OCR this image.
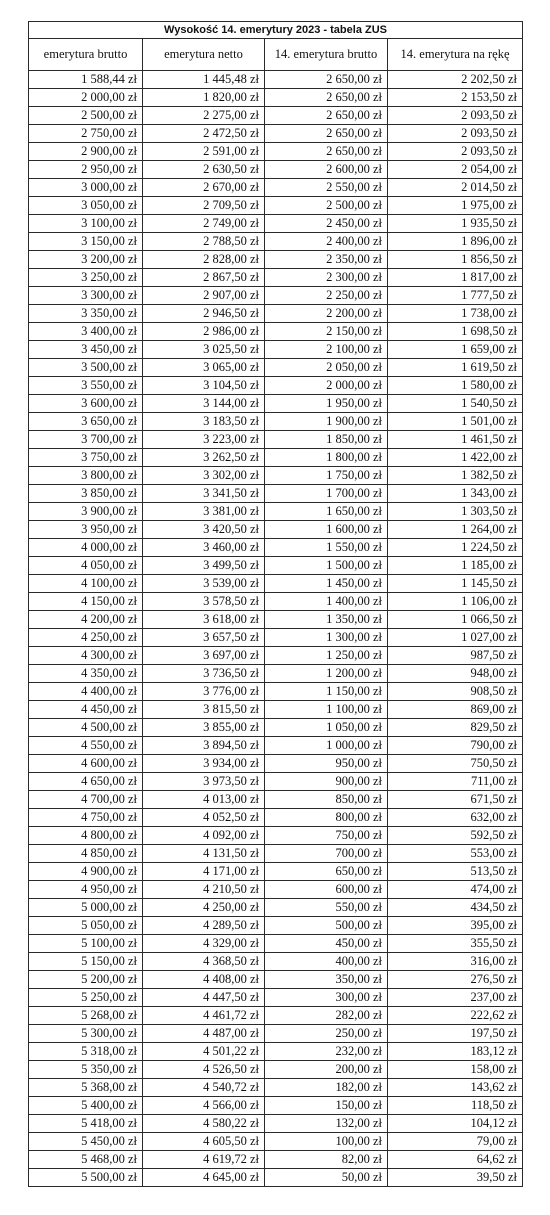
Wysokość 14. emerytury 2023 - tabela ZUS			
emerytura brutto	emerytura netto	14. emerytura brutto	14. emerytura na rękę
1 588,44 zł	1 445,48 zł	2 650,00 zł	2 202,50 zł
2 000,00 zł	1 820,00 zł	2 650,00 zł	2 153,50 zł
2 500,00 zł	2 275,00 zł	2 650,00 zł	2 093,50 zł
2 750,00 zł	2 472,50 zł	2 650,00 zł	2 093,50 zł
2 900,00 zł	2 591,00 zł	2 650,00 zł	2 093,50 zł
2 950,00 zł	2 630,50 zł	2 600,00 zł	2 054,00 zł
3 000,00 zł	2 670,00 zł	2 550,00 zł	2 014,50 zł
3 050,00 zł	2 709,50 zł	2 500,00 zł	1 975,00 zł
3 100,00 zł	2 749,00 zł	2 450,00 zł	1 935,50 zł
3 150,00 zł	2 788,50 zł	2 400,00 zł	1 896,00 zł
3 200,00 zł	2 828,00 zł	2 350,00 zł	1 856,50 zł
3 250,00 zł	2 867,50 zł	2 300,00 zł	1 817,00 zł
3 300,00 zł	2 907,00 zł	2 250,00 zł	1 777,50 zł
3 350,00 zł	2 946,50 zł	2 200,00 zł	1 738,00 zł
3 400,00 zł	2 986,00 zł	2 150,00 zł	1 698,50 zł
3 450,00 zł	3 025,50 zł	2 100,00 zł	1 659,00 zł
3 500,00 zł	3 065,00 zł	2 050,00 zł	1 619,50 zł
3 550,00 zł	3 104,50 zł	2 000,00 zł	1 580,00 zł
3 600,00 zł	3 144,00 zł	1 950,00 zł	1 540,50 zł
3 650,00 zł	3 183,50 zł	1 900,00 zł	1 501,00 zł
3 700,00 zł	3 223,00 zł	1 850,00 zł	1 461,50 zł
3 750,00 zł	3 262,50 zł	1 800,00 zł	1 422,00 zł
3 800,00 zł	3 302,00 zł	1 750,00 zł	1 382,50 zł
3 850,00 zł	3 341,50 zł	1 700,00 zł	1 343,00 zł
3 900,00 zł	3 381,00 zł	1 650,00 zł	1 303,50 zł
3 950,00 zł	3 420,50 zł	1 600,00 zł	1 264,00 zł
4 000,00 zł	3 460,00 zł	1 550,00 zł	1 224,50 zł
4 050,00 zł	3 499,50 zł	1 500,00 zł	1 185,00 zł
4 100,00 zł	3 539,00 zł	1 450,00 zł	1 145,50 zł
4 150,00 zł	3 578,50 zł	1 400,00 zł	1 106,00 zł
4 200,00 zł	3 618,00 zł	1 350,00 zł	1 066,50 zł
4 250,00 zł	3 657,50 zł	1 300,00 zł	1 027,00 zł
4 300,00 zł	3 697,00 zł	1 250,00 zł	987,50 zł
4 350,00 zł	3 736,50 zł	1 200,00 zł	948,00 zł
4 400,00 zł	3 776,00 zł	1 150,00 zł	908,50 zł
4 450,00 zł	3 815,50 zł	1 100,00 zł	869,00 zł
4 500,00 zł	3 855,00 zł	1 050,00 zł	829,50 zł
4 550,00 zł	3 894,50 zł	1 000,00 zł	790,00 zł
4 600,00 zł	3 934,00 zł	950,00 zł	750,50 zł
4 650,00 zł	3 973,50 zł	900,00 zł	711,00 zł
4 700,00 zł	4 013,00 zł	850,00 zł	671,50 zł
4 750,00 zł	4 052,50 zł	800,00 zł	632,00 zł
4 800,00 zł	4 092,00 zł	750,00 zł	592,50 zł
4 850,00 zł	4 131,50 zł	700,00 zł	553,00 zł
4 900,00 zł	4 171,00 zł	650,00 zł	513,50 zł
4 950,00 zł	4 210,50 zł	600,00 zł	474,00 zł
5 000,00 zł	4 250,00 zł	550,00 zł	434,50 zł
5 050,00 zł	4 289,50 zł	500,00 zł	395,00 zł
5 100,00 zł	4 329,00 zł	450,00 zł	355,50 zł
5 150,00 zł	4 368,50 zł	400,00 zł	316,00 zł
5 200,00 zł	4 408,00 zł	350,00 zł	276,50 zł
5 250,00 zł	4 447,50 zł	300,00 zł	237,00 zł
5 268,00 zł	4 461,72 zł	282,00 zł	222,62 zł
5 300,00 zł	4 487,00 zł	250,00 zł	197,50 zł
5 318,00 zł	4 501,22 zł	232,00 zł	183,12 zł
5 350,00 zł	4 526,50 zł	200,00 zł	158,00 zł
5 368,00 zł	4 540,72 zł	182,00 zł	143,62 zł
5 400,00 zł	4 566,00 zł	150,00 zł	118,50 zł
5 418,00 zł	4 580,22 zł	132,00 zł	104,12 zł
5 450,00 zł	4 605,50 zł	100,00 zł	79,00 zł
5 468,00 zł	4 619,72 zł	82,00 zł	64,62 zł
5 500,00 zł	4 645,00 zł	50,00 zł	39,50 zł
